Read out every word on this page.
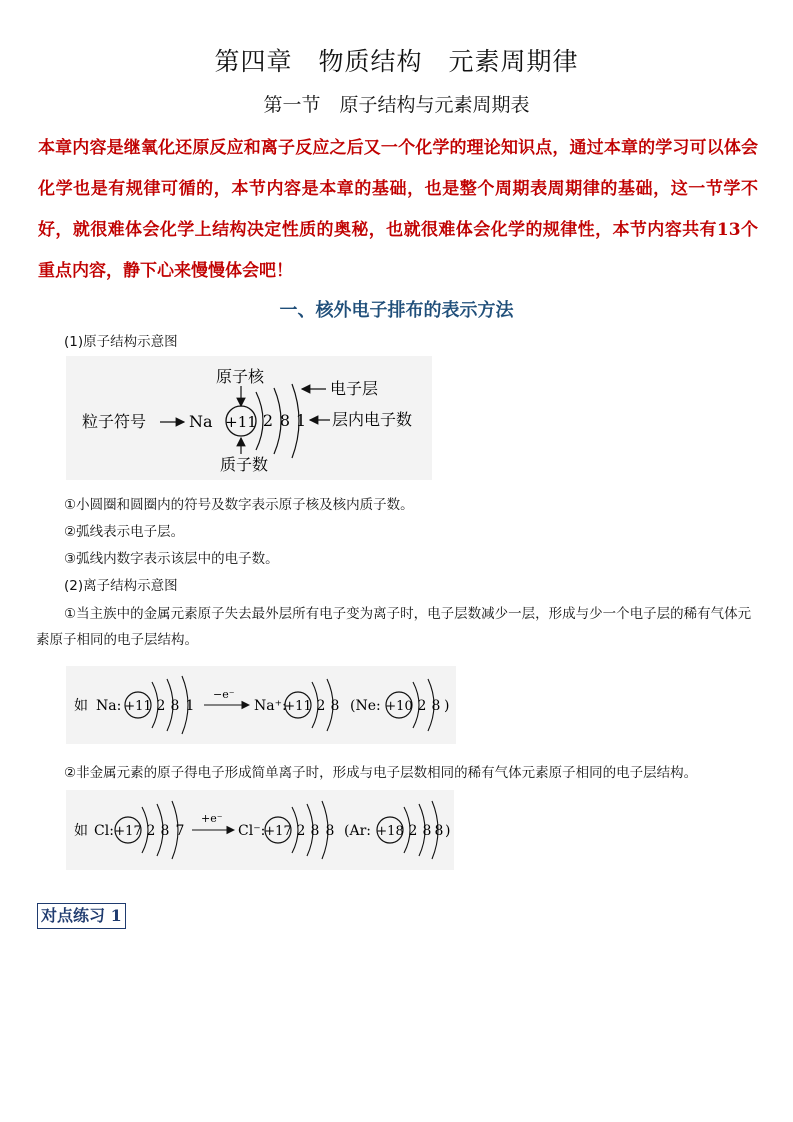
第四章　物质结构　元素周期律
第一节　原子结构与元素周期表
本章内容是继氧化还原反应和离子反应之后又一个化学的理论知识点，通过本章的学习可以体会化学也是有规律可循的，本节内容是本章的基础，也是整个周期表周期律的基础，这一节学不好，就很难体会化学上结构决定性质的奥秘，也就很难体会化学的规律性，本节内容共有13个重点内容，静下心来慢慢体会吧！
一、核外电子排布的表示方法
(1)原子结构示意图
原子核
电子层
粒子符号	Na +11 2 8 1 层内电子数
质子数
①小圆圈和圆圈内的符号及数字表示原子核及核内质子数。
②弧线表示电子层。
③弧线内数字表示该层中的电子数。
(2)离子结构示意图
①当主族中的金属元素原子失去最外层所有电子变为离子时，电子层数减少一层，形成与少一个电子层的稀有气体元素原子相同的电子层结构。
如 Na: +11 2 8 1
−e⁻
Na⁺:
+11 2 8 (Ne: +10 2 8 )
②非金属元素的原子得电子形成简单离子时，形成与电子层数相同的稀有气体元素原子相同的电子层结构。
如 Cl: +17 2 8 7
+e⁻
Cl⁻:
+17 2 8 8 (Ar: +18 2 8 8 )
对点练习 1
